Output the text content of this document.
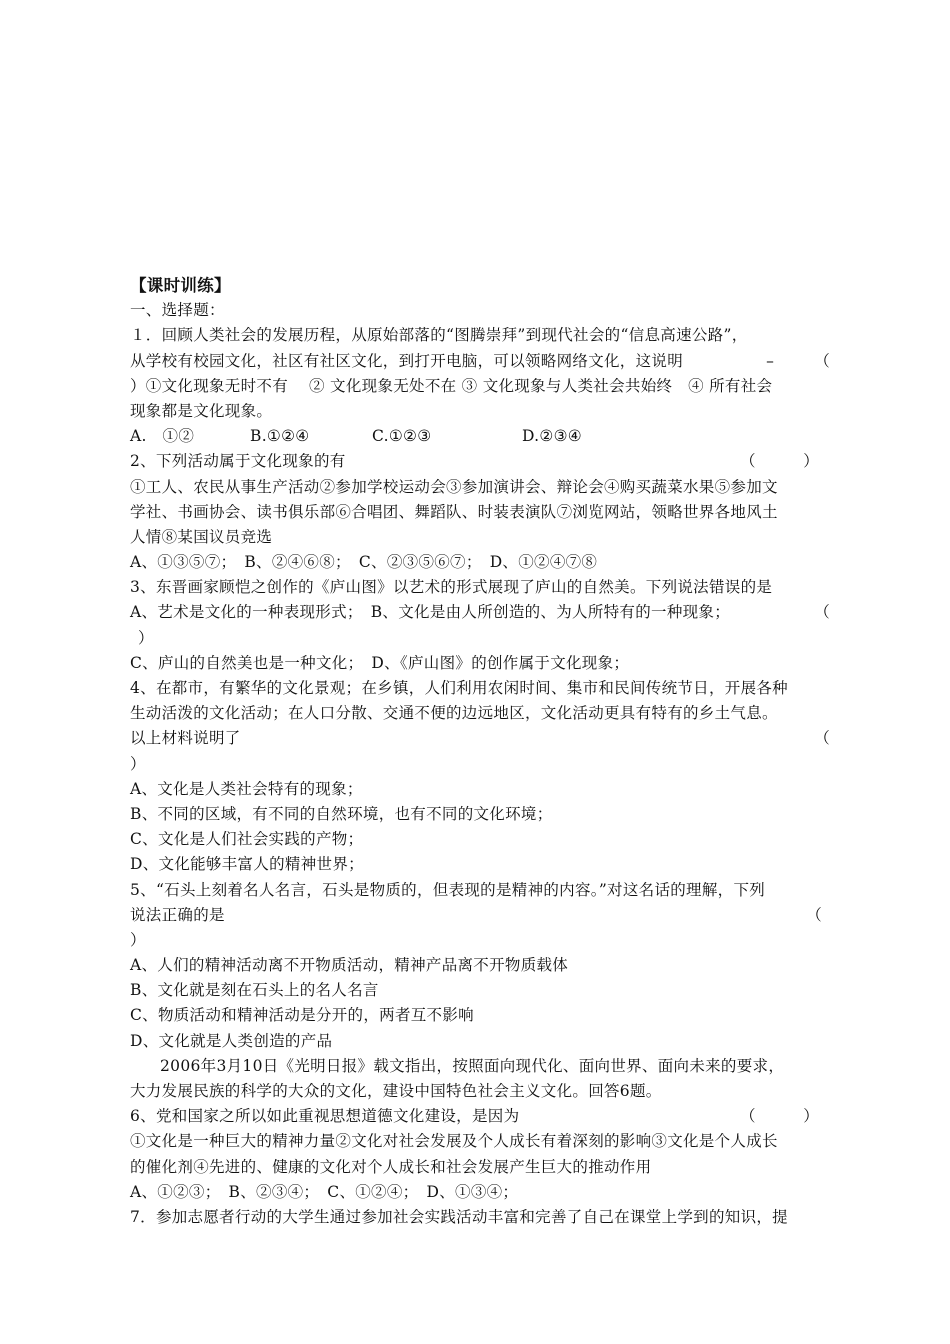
【课时训练】
一、选择题：
１．回顾人类社会的发展历程，从原始部落的“图腾崇拜”到现代社会的“信息高速公路”，
从学校有校园文化，社区有社区文化，到打开电脑，可以领略网络文化，这说明	–	（
）①文化现象无时不有　 ② 文化现象无处不在 ③ 文化现象与人类社会共始终　④ 所有社会
现象都是文化现象。
A.　①②	B.①②④	C.①②③	D.②③④
2、下列活动属于文化现象的有	（　　　）
①工人、农民从事生产活动②参加学校运动会③参加演讲会、辩论会④购买蔬菜水果⑤参加文
学社、书画协会、读书俱乐部⑥合唱团、舞蹈队、时装表演队⑦浏览网站，领略世界各地风土
人情⑧某国议员竞选
A、①③⑤⑦；　B、②④⑥⑧；　C、②③⑤⑥⑦；　D、①②④⑦⑧
3、东晋画家顾恺之创作的《庐山图》以艺术的形式展现了庐山的自然美。下列说法错误的是
A、艺术是文化的一种表现形式；　B、文化是由人所创造的、为人所特有的一种现象；	（
）
C、庐山的自然美也是一种文化；　D、《庐山图》的创作属于文化现象；
4、在都市，有繁华的文化景观；在乡镇，人们利用农闲时间、集市和民间传统节日，开展各种
生动活泼的文化活动；在人口分散、交通不便的边远地区，文化活动更具有特有的乡土气息。
以上材料说明了	（
）
A、文化是人类社会特有的现象；
B、不同的区域，有不同的自然环境，也有不同的文化环境；
C、文化是人们社会实践的产物；
D、文化能够丰富人的精神世界；
5、“石头上刻着名人名言，石头是物质的，但表现的是精神的内容。”对这名话的理解，下列
说法正确的是	（
）
A、人们的精神活动离不开物质活动，精神产品离不开物质载体
B、文化就是刻在石头上的名人名言
C、物质活动和精神活动是分开的，两者互不影响
D、文化就是人类创造的产品
2006年3月10日《光明日报》载文指出，按照面向现代化、面向世界、面向未来的要求，
大力发展民族的科学的大众的文化，建设中国特色社会主义文化。回答6题。
6、党和国家之所以如此重视思想道德文化建设，是因为	（　　　）
①文化是一种巨大的精神力量②文化对社会发展及个人成长有着深刻的影响③文化是个人成长
的催化剂④先进的、健康的文化对个人成长和社会发展产生巨大的推动作用
A、①②③；　B、②③④；　C、①②④；　D、①③④；
7．参加志愿者行动的大学生通过参加社会实践活动丰富和完善了自己在课堂上学到的知识，提
